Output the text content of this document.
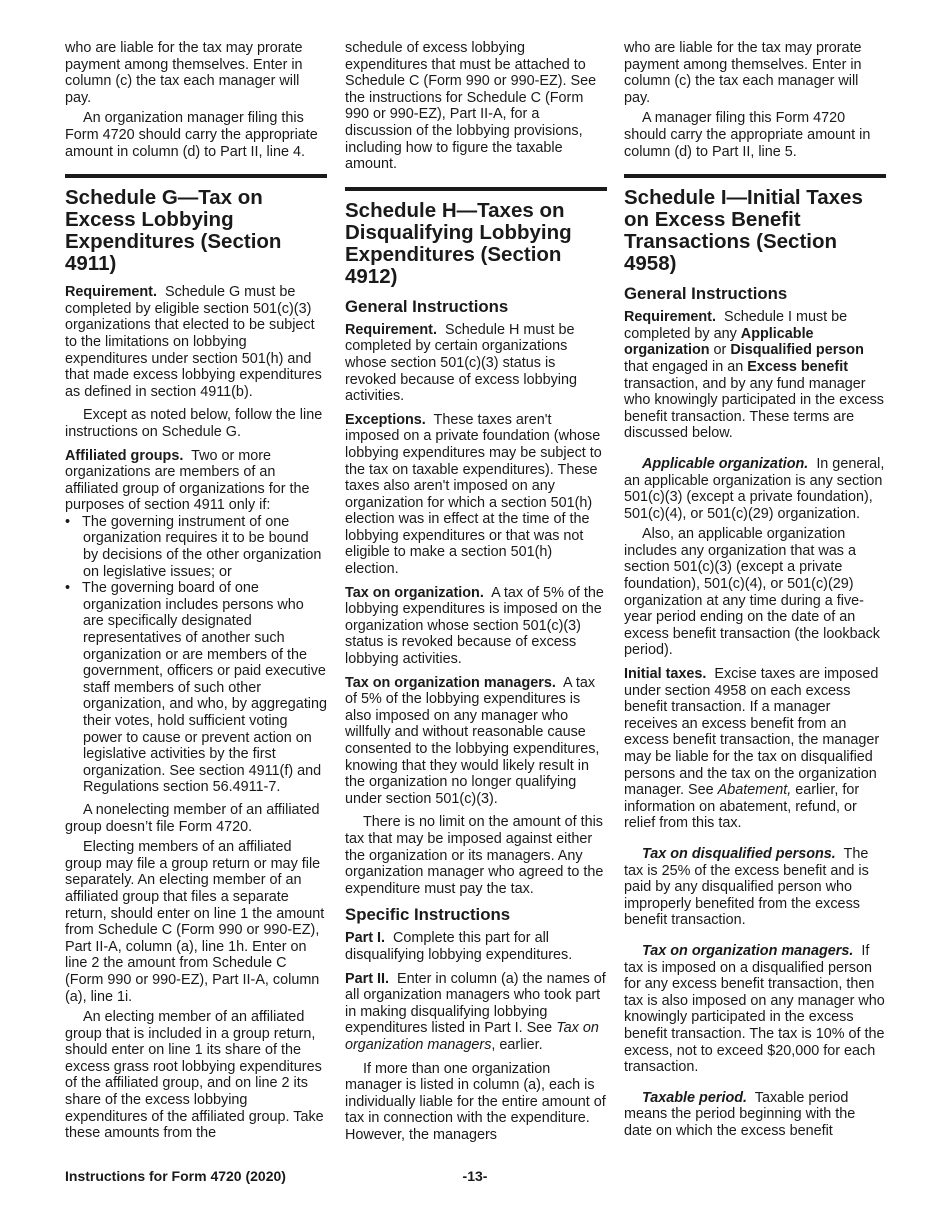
who are liable for the tax may prorate payment among themselves. Enter in column (c) the tax each manager will pay.

An organization manager filing this Form 4720 should carry the appropriate amount in column (d) to Part II, line 4.

Schedule G—Tax on Excess Lobbying Expenditures (Section 4911)

Requirement. Schedule G must be completed by eligible section 501(c)(3) organizations that elected to be subject to the limitations on lobbying expenditures under section 501(h) and that made excess lobbying expenditures as defined in section 4911(b).

Except as noted below, follow the line instructions on Schedule G.

Affiliated groups. Two or more organizations are members of an affiliated group of organizations for the purposes of section 4911 only if:

•   The governing instrument of one organization requires it to be bound by decisions of the other organization on legislative issues; or

•   The governing board of one organization includes persons who are specifically designated representatives of another such organization or are members of the government, officers or paid executive staff members of such other organization, and who, by aggregating their votes, hold sufficient voting power to cause or prevent action on legislative activities by the first organization. See section 4911(f) and Regulations section 56.4911-7.

A nonelecting member of an affiliated group doesn’t file Form 4720.

Electing members of an affiliated group may file a group return or may file separately. An electing member of an affiliated group that files a separate return, should enter on line 1 the amount from Schedule C (Form 990 or 990-EZ), Part II-A, column (a), line 1h. Enter on line 2 the amount from Schedule C (Form 990 or 990-EZ), Part II-A, column (a), line 1i.

An electing member of an affiliated group that is included in a group return, should enter on line 1 its share of the excess grass root lobbying expenditures of the affiliated group, and on line 2 its share of the excess lobbying expenditures of the affiliated group. Take these amounts from the

schedule of excess lobbying expenditures that must be attached to Schedule C (Form 990 or 990-EZ). See the instructions for Schedule C (Form 990 or 990-EZ), Part II-A, for a discussion of the lobbying provisions, including how to figure the taxable amount.

Schedule H—Taxes on Disqualifying Lobbying Expenditures (Section 4912)
General Instructions

Requirement. Schedule H must be completed by certain organizations whose section 501(c)(3) status is revoked because of excess lobbying activities.

Exceptions. These taxes aren't imposed on a private foundation (whose lobbying expenditures may be subject to the tax on taxable expenditures). These taxes also aren't imposed on any organization for which a section 501(h) election was in effect at the time of the lobbying expenditures or that was not eligible to make a section 501(h) election.

Tax on organization. A tax of 5% of the lobbying expenditures is imposed on the organization whose section 501(c)(3) status is revoked because of excess lobbying activities.

Tax on organization managers. A tax of 5% of the lobbying expenditures is also imposed on any manager who willfully and without reasonable cause consented to the lobbying expenditures, knowing that they would likely result in the organization no longer qualifying under section 501(c)(3).

There is no limit on the amount of this tax that may be imposed against either the organization or its managers. Any organization manager who agreed to the expenditure must pay the tax.

Specific Instructions

Part I. Complete this part for all disqualifying lobbying expenditures.

Part II. Enter in column (a) the names of all organization managers who took part in making disqualifying lobbying expenditures listed in Part I. See Tax on organization managers, earlier.

If more than one organization manager is listed in column (a), each is individually liable for the entire amount of tax in connection with the expenditure. However, the managers

who are liable for the tax may prorate payment among themselves. Enter in column (c) the tax each manager will pay.

A manager filing this Form 4720 should carry the appropriate amount in column (d) to Part II, line 5.

Schedule I—Initial Taxes on Excess Benefit Transactions (Section 4958)
General Instructions

Requirement. Schedule I must be completed by any Applicable organization or Disqualified person that engaged in an Excess benefit transaction, and by any fund manager who knowingly participated in the excess benefit transaction. These terms are discussed below.

Applicable organization. In general, an applicable organization is any section 501(c)(3) (except a private foundation), 501(c)(4), or 501(c)(29) organization.

Also, an applicable organization includes any organization that was a section 501(c)(3) (except a private foundation), 501(c)(4), or 501(c)(29) organization at any time during a five-year period ending on the date of an excess benefit transaction (the lookback period).

Initial taxes. Excise taxes are imposed under section 4958 on each excess benefit transaction. If a manager receives an excess benefit from an excess benefit transaction, the manager may be liable for the tax on disqualified persons and the tax on the organization manager. See Abatement, earlier, for information on abatement, refund, or relief from this tax.

Tax on disqualified persons. The tax is 25% of the excess benefit and is paid by any disqualified person who improperly benefited from the excess benefit transaction.

Tax on organization managers. If tax is imposed on a disqualified person for any excess benefit transaction, then tax is also imposed on any manager who knowingly participated in the excess benefit transaction. The tax is 10% of the excess, not to exceed $20,000 for each transaction.

Taxable period. Taxable period means the period beginning with the date on which the excess benefit

Instructions for Form 4720 (2020)	-13-
